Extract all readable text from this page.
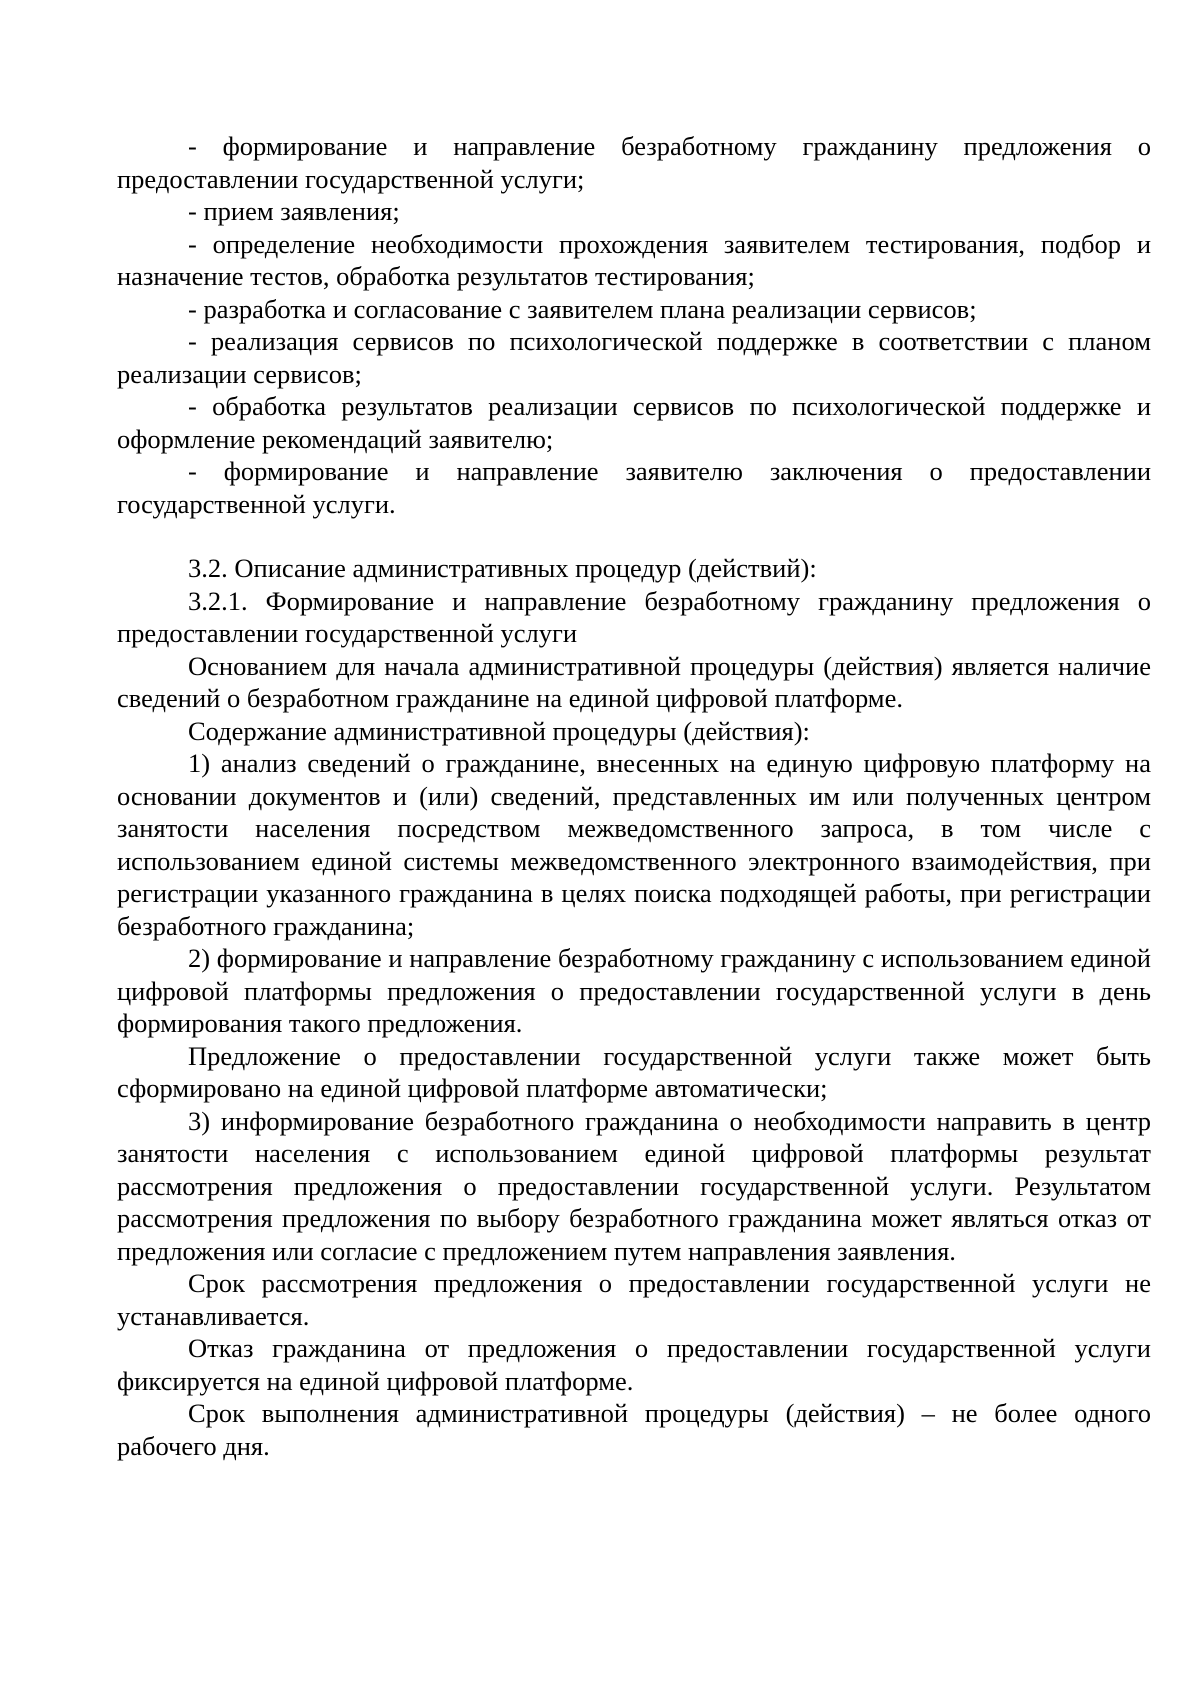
- формирование и направление безработному гражданину предложения о предоставлении государственной услуги;

- прием заявления;

- определение необходимости прохождения заявителем тестирования, подбор и назначение тестов, обработка результатов тестирования;

- разработка и согласование с заявителем плана реализации сервисов;

- реализация сервисов по психологической поддержке в соответствии с планом реализации сервисов;

- обработка результатов реализации сервисов по психологической поддержке и оформление рекомендаций заявителю;

- формирование и направление заявителю заключения о предоставлении государственной услуги.

3.2. Описание административных процедур (действий):

3.2.1. Формирование и направление безработному гражданину предложения о предоставлении государственной услуги

Основанием для начала административной процедуры (действия) является наличие сведений о безработном гражданине на единой цифровой платформе.

Содержание административной процедуры (действия):

1) анализ сведений о гражданине, внесенных на единую цифровую платформу на основании документов и (или) сведений, представленных им или полученных центром занятости населения посредством межведомственного запроса, в том числе с использованием единой системы межведомственного электронного взаимодействия, при регистрации указанного гражданина в целях поиска подходящей работы, при регистрации безработного гражданина;

2) формирование и направление безработному гражданину с использованием единой цифровой платформы предложения о предоставлении государственной услуги в день формирования такого предложения.

Предложение о предоставлении государственной услуги также может быть сформировано на единой цифровой платформе автоматически;

3) информирование безработного гражданина о необходимости направить в центр занятости населения с использованием единой цифровой платформы результат рассмотрения предложения о предоставлении государственной услуги. Результатом рассмотрения предложения по выбору безработного гражданина может являться отказ от предложения или согласие с предложением путем направления заявления.

Срок рассмотрения предложения о предоставлении государственной услуги не устанавливается.

Отказ гражданина от предложения о предоставлении государственной услуги фиксируется на единой цифровой платформе.

Срок выполнения административной процедуры (действия) – не более одного рабочего дня.
